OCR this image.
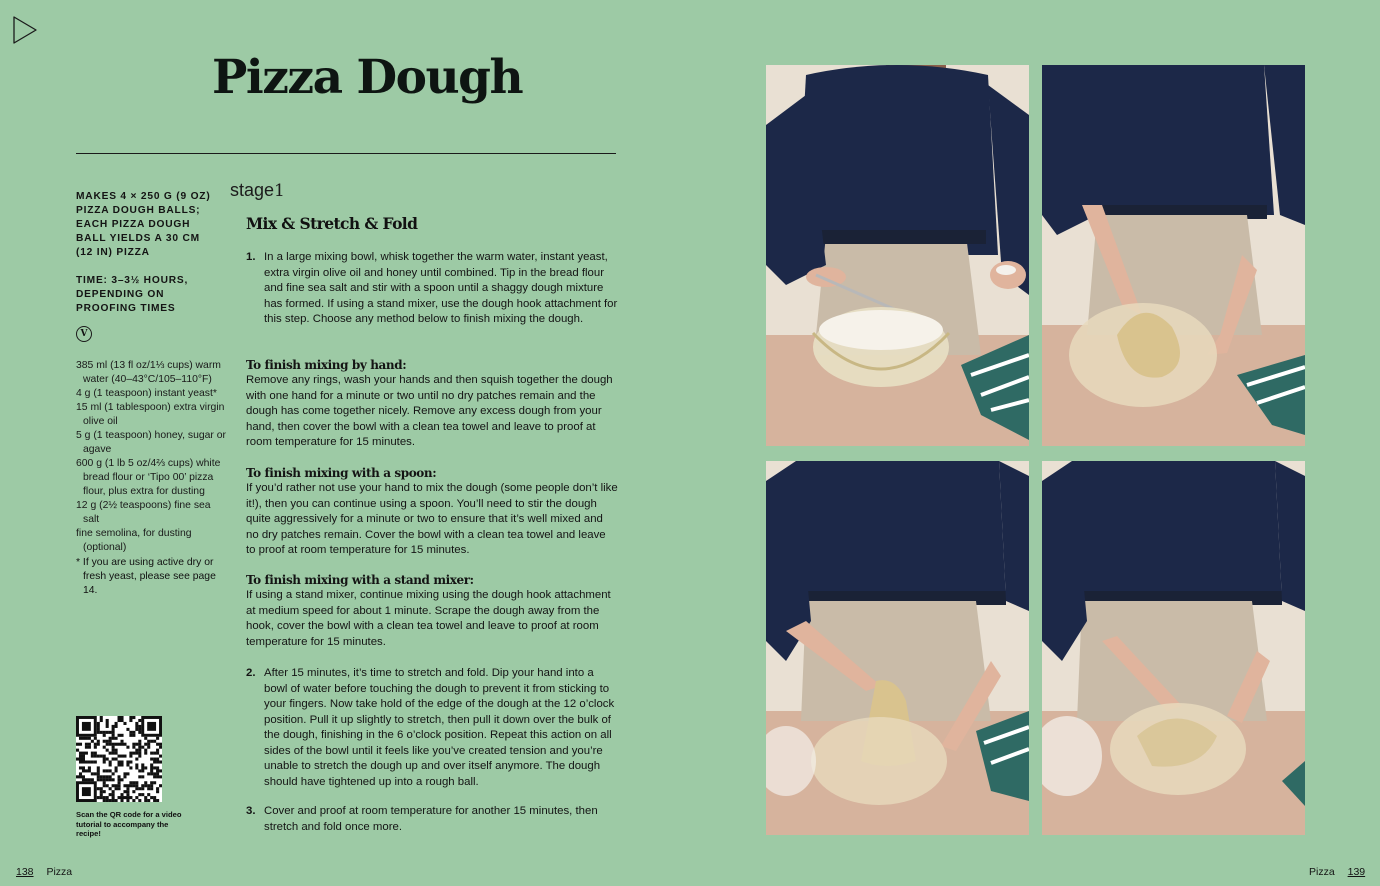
Pizza Dough
MAKES 4 × 250 G (9 OZ) PIZZA DOUGH BALLS; EACH PIZZA DOUGH BALL YIELDS A 30 CM (12 IN) PIZZA
TIME: 3–3½ HOURS, DEPENDING ON PROOFING TIMES
V
385 ml (13 fl oz/1⅓ cups) warm water (40–43°C/105–110°F)
4 g (1 teaspoon) instant yeast*
15 ml (1 tablespoon) extra virgin olive oil
5 g (1 teaspoon) honey, sugar or agave
600 g (1 lb 5 oz/4⅔ cups) white bread flour or ‘Tipo 00’ pizza flour, plus extra for dusting
12 g (2½ teaspoons) fine sea salt
fine semolina, for dusting (optional)
* If you are using active dry or fresh yeast, please see page 14.
Scan the QR code for a video tutorial to accompany the recipe!
stage1
Mix & Stretch & Fold
1. In a large mixing bowl, whisk together the warm water, instant yeast, extra virgin olive oil and honey until combined. Tip in the bread flour and fine sea salt and stir with a spoon until a shaggy dough mixture has formed. If using a stand mixer, use the dough hook attachment for this step. Choose any method below to finish mixing the dough.
To finish mixing by hand:
Remove any rings, wash your hands and then squish together the dough with one hand for a minute or two until no dry patches remain and the dough has come together nicely. Remove any excess dough from your hand, then cover the bowl with a clean tea towel and leave to proof at room temperature for 15 minutes.
To finish mixing with a spoon:
If you’d rather not use your hand to mix the dough (some people don’t like it!), then you can continue using a spoon. You’ll need to stir the dough quite aggressively for a minute or two to ensure that it’s well mixed and no dry patches remain. Cover the bowl with a clean tea towel and leave to proof at room temperature for 15 minutes.
To finish mixing with a stand mixer:
If using a stand mixer, continue mixing using the dough hook attachment at medium speed for about 1 minute. Scrape the dough away from the hook, cover the bowl with a clean tea towel and leave to proof at room temperature for 15 minutes.
2. After 15 minutes, it’s time to stretch and fold. Dip your hand into a bowl of water before touching the dough to prevent it from sticking to your fingers. Now take hold of the edge of the dough at the 12 o’clock position. Pull it up slightly to stretch, then pull it down over the bulk of the dough, finishing in the 6 o’clock position. Repeat this action on all sides of the bowl until it feels like you’ve created tension and you’re unable to stretch the dough up and over itself anymore. The dough should have tightened up into a rough ball.
3. Cover and proof at room temperature for another 15 minutes, then stretch and fold once more.
138 Pizza	Pizza 139
